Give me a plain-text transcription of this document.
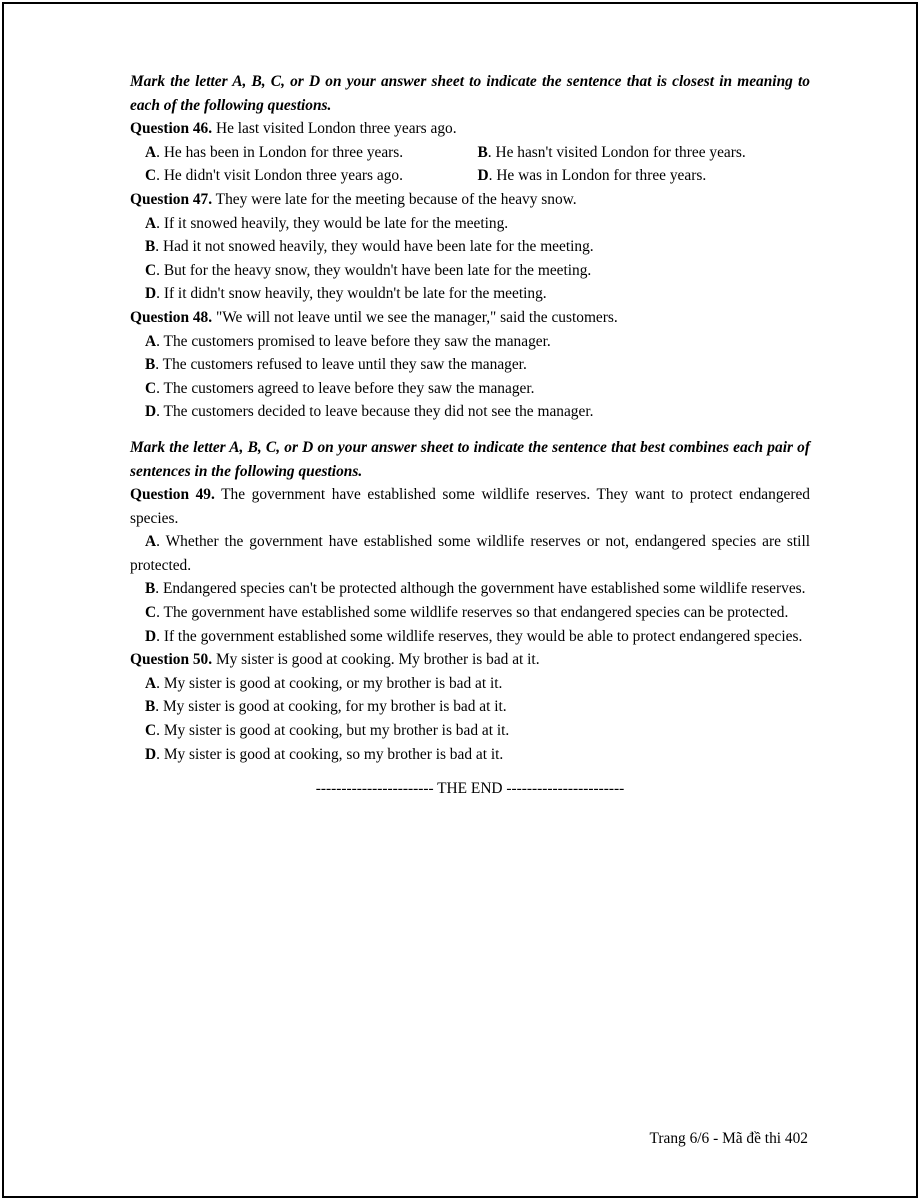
Mark the letter A, B, C, or D on your answer sheet to indicate the sentence that is closest in meaning to each of the following questions.

Question 46. He last visited London three years ago.

A. He has been in London for three years.	B. He hasn't visited London for three years.
C. He didn't visit London three years ago.	D. He was in London for three years.

Question 47. They were late for the meeting because of the heavy snow.

A. If it snowed heavily, they would be late for the meeting.

B. Had it not snowed heavily, they would have been late for the meeting.

C. But for the heavy snow, they wouldn't have been late for the meeting.

D. If it didn't snow heavily, they wouldn't be late for the meeting.

Question 48. "We will not leave until we see the manager," said the customers.

A. The customers promised to leave before they saw the manager.

B. The customers refused to leave until they saw the manager.

C. The customers agreed to leave before they saw the manager.

D. The customers decided to leave because they did not see the manager.

Mark the letter A, B, C, or D on your answer sheet to indicate the sentence that best combines each pair of sentences in the following questions.

Question 49. The government have established some wildlife reserves. They want to protect endangered species.

A. Whether the government have established some wildlife reserves or not, endangered species are still protected.

B. Endangered species can't be protected although the government have established some wildlife reserves.

C. The government have established some wildlife reserves so that endangered species can be protected.

D. If the government established some wildlife reserves, they would be able to protect endangered species.

Question 50. My sister is good at cooking. My brother is bad at it.

A. My sister is good at cooking, or my brother is bad at it.

B. My sister is good at cooking, for my brother is bad at it.

C. My sister is good at cooking, but my brother is bad at it.

D. My sister is good at cooking, so my brother is bad at it.

----------------------- THE END -----------------------
Trang 6/6 - Mã đề thi 402
